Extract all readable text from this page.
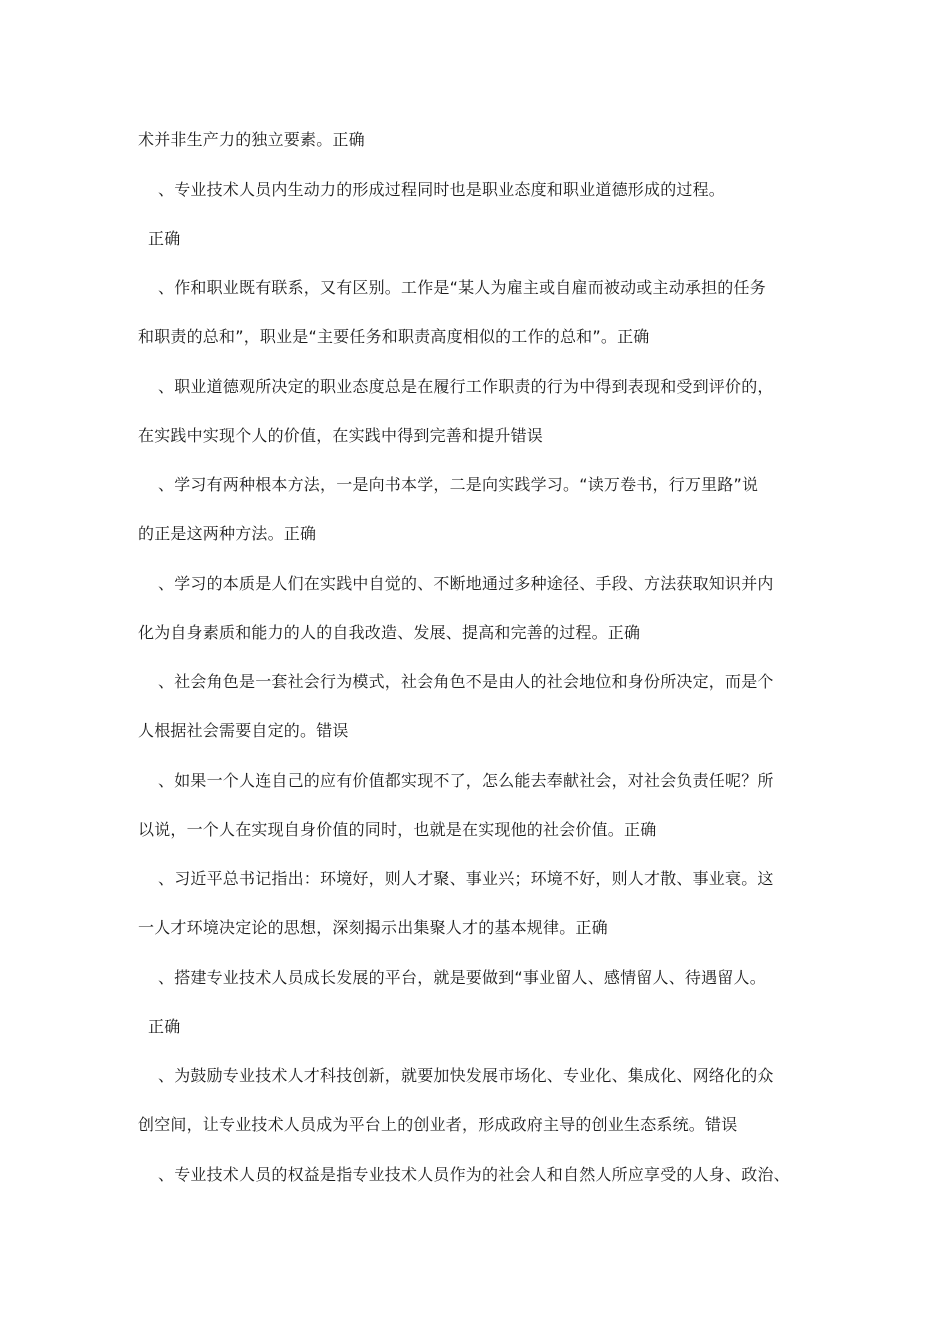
术并非生产力的独立要素。正确
、专业技术人员内生动力的形成过程同时也是职业态度和职业道德形成的过程。
正确
、作和职业既有联系，又有区别。工作是“某人为雇主或自雇而被动或主动承担的任务
和职责的总和”，职业是“主要任务和职责高度相似的工作的总和”。正确
、职业道德观所决定的职业态度总是在履行工作职责的行为中得到表现和受到评价的，
在实践中实现个人的价值，在实践中得到完善和提升错误
、学习有两种根本方法，一是向书本学，二是向实践学习。“读万卷书，行万里路”说
的正是这两种方法。正确
、学习的本质是人们在实践中自觉的、不断地通过多种途径、手段、方法获取知识并内
化为自身素质和能力的人的自我改造、发展、提高和完善的过程。正确
、社会角色是一套社会行为模式，社会角色不是由人的社会地位和身份所决定，而是个
人根据社会需要自定的。错误
、如果一个人连自己的应有价值都实现不了，怎么能去奉献社会，对社会负责任呢？所
以说，一个人在实现自身价值的同时，也就是在实现他的社会价值。正确
、习近平总书记指出：环境好，则人才聚、事业兴；环境不好，则人才散、事业衰。这
一人才环境决定论的思想，深刻揭示出集聚人才的基本规律。正确
、搭建专业技术人员成长发展的平台，就是要做到“事业留人、感情留人、待遇留人。
正确
、为鼓励专业技术人才科技创新，就要加快发展市场化、专业化、集成化、网络化的众
创空间，让专业技术人员成为平台上的创业者，形成政府主导的创业生态系统。错误
、专业技术人员的权益是指专业技术人员作为的社会人和自然人所应享受的人身、政治、
